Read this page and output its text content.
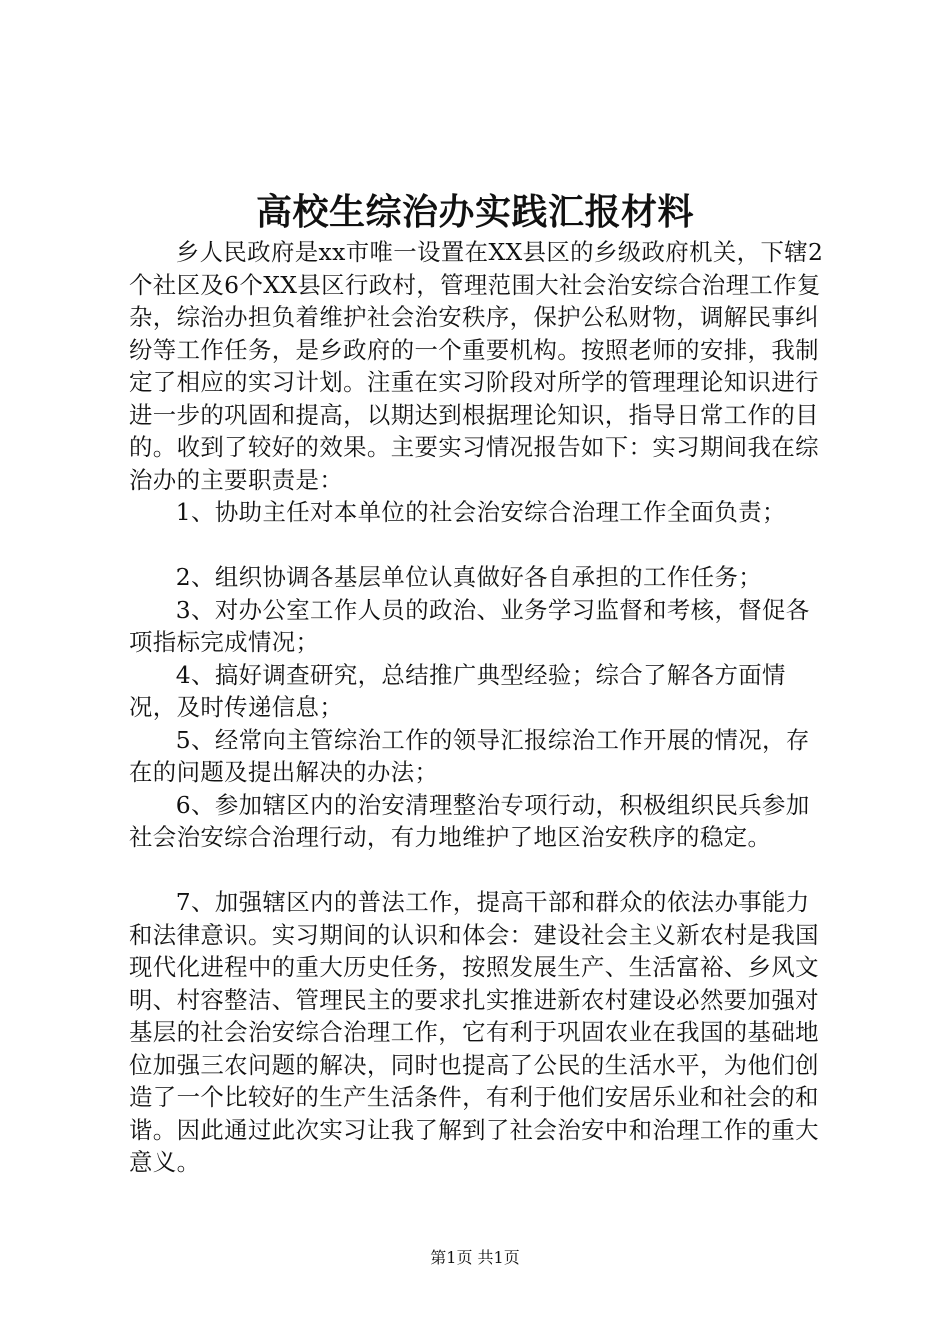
高校生综治办实践汇报材料

乡人民政府是xx市唯一设置在XX县区的乡级政府机关，下辖2个社区及6个XX县区行政村，管理范围大社会治安综合治理工作复杂，综治办担负着维护社会治安秩序，保护公私财物，调解民事纠纷等工作任务，是乡政府的一个重要机构。按照老师的安排，我制定了相应的实习计划。注重在实习阶段对所学的管理理论知识进行进一步的巩固和提高，以期达到根据理论知识，指导日常工作的目的。收到了较好的效果。主要实习情况报告如下：实习期间我在综治办的主要职责是：

1、协助主任对本单位的社会治安综合治理工作全面负责；

2、组织协调各基层单位认真做好各自承担的工作任务；

3、对办公室工作人员的政治、业务学习监督和考核，督促各项指标完成情况；

4、搞好调查研究，总结推广典型经验；综合了解各方面情况，及时传递信息；

5、经常向主管综治工作的领导汇报综治工作开展的情况，存在的问题及提出解决的办法；

6、参加辖区内的治安清理整治专项行动，积极组织民兵参加社会治安综合治理行动，有力地维护了地区治安秩序的稳定。

7、加强辖区内的普法工作，提高干部和群众的依法办事能力和法律意识。实习期间的认识和体会：建设社会主义新农村是我国现代化进程中的重大历史任务，按照发展生产、生活富裕、乡风文明、村容整洁、管理民主的要求扎实推进新农村建设必然要加强对基层的社会治安综合治理工作，它有利于巩固农业在我国的基础地位加强三农问题的解决，同时也提高了公民的生活水平，为他们创造了一个比较好的生产生活条件，有利于他们安居乐业和社会的和谐。因此通过此次实习让我了解到了社会治安中和治理工作的重大意义。

第1页 共1页
